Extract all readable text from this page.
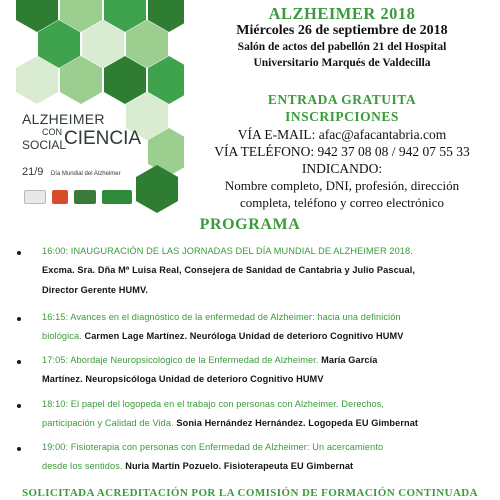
ALZHEIMER
CON
SOCIAL
CIENCIA
21/9 Día Mundial del Alzheimer
ALZHEIMER 2018
Miércoles 26 de septiembre de 2018
Salón de actos del pabellón 21 del Hospital
Universitario Marqués de Valdecilla
ENTRADA GRATUITA
INSCRIPCIONES
VÍA E-MAIL: afac@afacantabria.com
VÍA TELÉFONO: 942 37 08 08 / 942 07 55 33
INDICANDO:
Nombre completo, DNI, profesión, dirección
completa, teléfono y correo electrónico
PROGRAMA
16:00: INAUGURACIÓN DE LAS JORNADAS DEL DÍA MUNDIAL DE ALZHEIMER 2018.
Excma. Sra. Dña Mª Luisa Real, Consejera de Sanidad de Cantabria y Julio Pascual,
Director Gerente HUMV.
16:15: Avances en el diagnóstico de la enfermedad de Alzheimer: hacia una definición
biológica. Carmen Lage Martínez. Neuróloga Unidad de deterioro Cognitivo HUMV
17:05: Abordaje Neuropsicológico de la Enfermedad de Alzheimer. María García
Martínez. Neuropsicóloga Unidad de deterioro Cognitivo HUMV
18:10: El papel del logopeda en el trabajo con personas con Alzheimer. Derechos,
participación y Calidad de Vida. Sonia Hernández Hernández. Logopeda EU Gimbernat
19:00: Fisioterapia con personas con Enfermedad de Alzheimer: Un acercamiento
desde los sentidos. Nuria Martín Pozuelo. Fisioterapeuta EU Gimbernat
SOLICITADA ACREDITACIÓN POR LA COMISIÓN DE FORMACIÓN CONTINUADA
